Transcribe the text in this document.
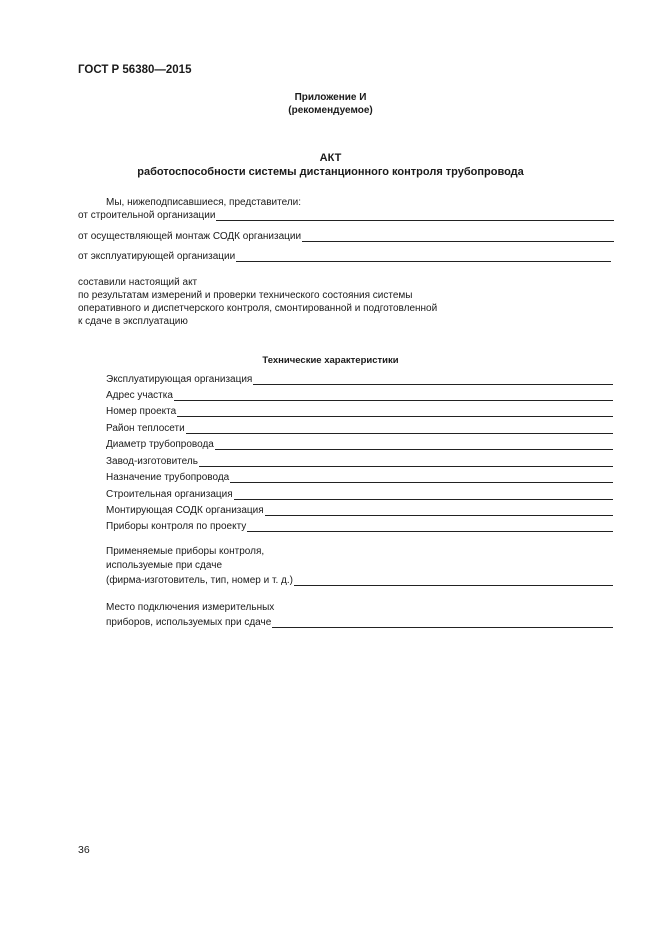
ГОСТ Р 56380—2015
Приложение И
(рекомендуемое)
АКТ
работоспособности системы дистанционного контроля трубопровода
Мы, нижеподписавшиеся, представители:
от строительной организации
от осуществляющей монтаж СОДК организации
от эксплуатирующей организации
составили настоящий акт
по результатам измерений и проверки технического состояния системы
оперативного и диспетчерского контроля, смонтированной и подготовленной
к сдаче в эксплуатацию
Технические характеристики
Эксплуатирующая организация
Адрес участка
Номер проекта
Район теплосети
Диаметр трубопровода
Завод-изготовитель
Назначение трубопровода
Строительная организация
Монтирующая СОДК организация
Приборы контроля по проекту
Применяемые приборы контроля,
используемые при сдаче
(фирма-изготовитель, тип, номер и т. д.)
Место подключения измерительных
приборов, используемых при сдаче
36
